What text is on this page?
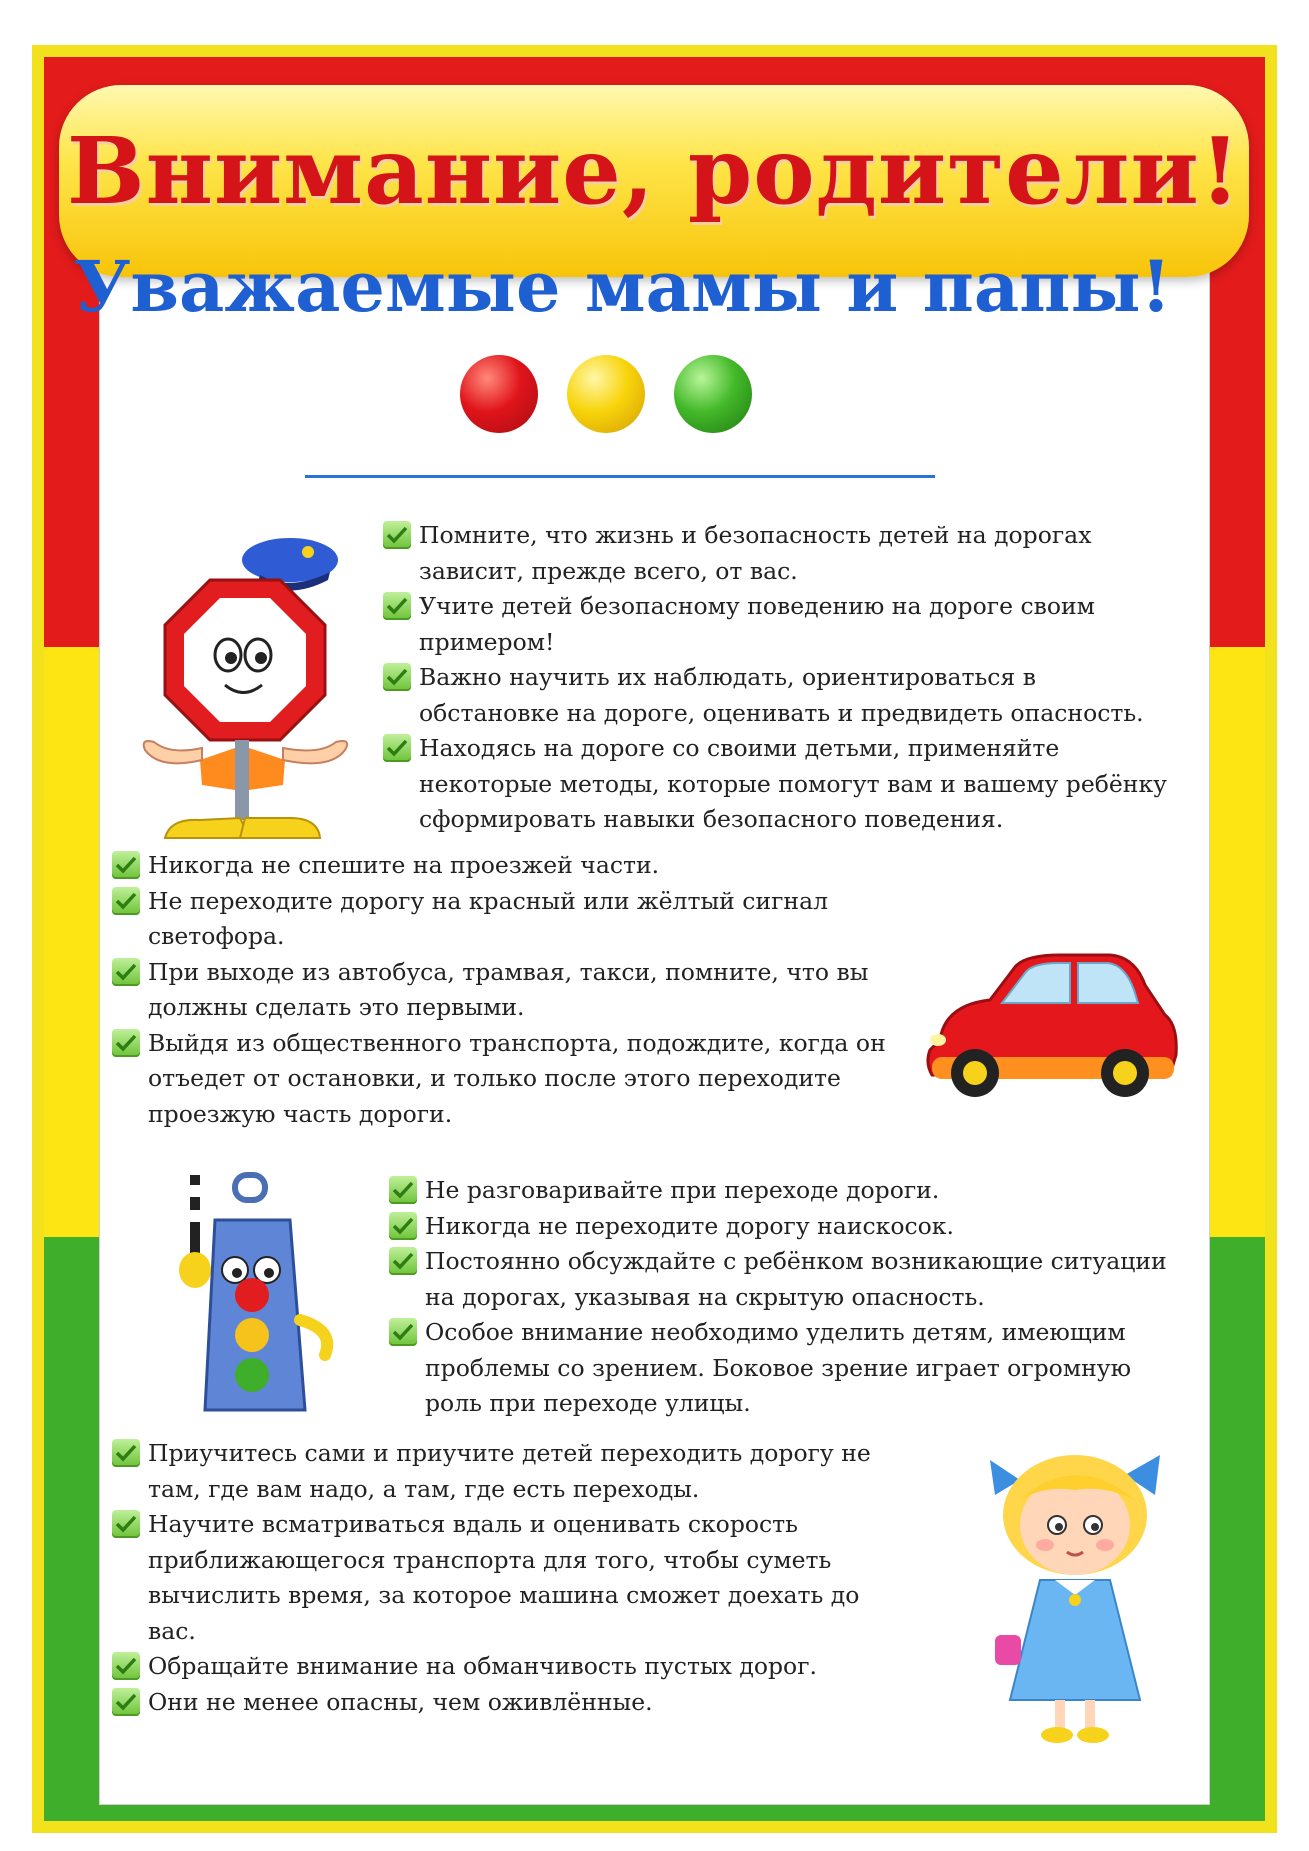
Внимание, родители!
Уважаемые мамы и папы!
Помните, что жизнь и безопасность детей на дорогах зависит, прежде всего, от вас.
Учите детей безопасному поведению на дороге своим примером!
Важно научить их наблюдать, ориентироваться в обстановке на дороге, оценивать и предвидеть опасность.
Находясь на дороге со своими детьми, применяйте некоторые методы, которые помогут вам и вашему ребёнку сформировать навыки безопасного поведения.
Никогда не спешите на проезжей части.
Не переходите дорогу на красный или жёлтый сигнал светофора.
При выходе из автобуса, трамвая, такси, помните, что вы должны сделать это первыми.
Выйдя из общественного транспорта, подождите, когда он отъедет от остановки, и только после этого переходите проезжую часть дороги.
Не разговаривайте при переходе дороги.
Никогда не переходите дорогу наискосок.
Постоянно обсуждайте с ребёнком возникающие ситуации на дорогах, указывая на скрытую опасность.
Особое внимание необходимо уделить детям, имеющим проблемы со зрением. Боковое зрение играет огромную роль при переходе улицы.
Приучитесь сами и приучите детей переходить дорогу не там, где вам надо, а там, где есть переходы.
Научите всматриваться вдаль и оценивать скорость приближающегося транспорта для того, чтобы суметь вычислить время, за которое машина сможет доехать до вас.
Обращайте внимание на обманчивость пустых дорог.
Они не менее опасны, чем оживлённые.
